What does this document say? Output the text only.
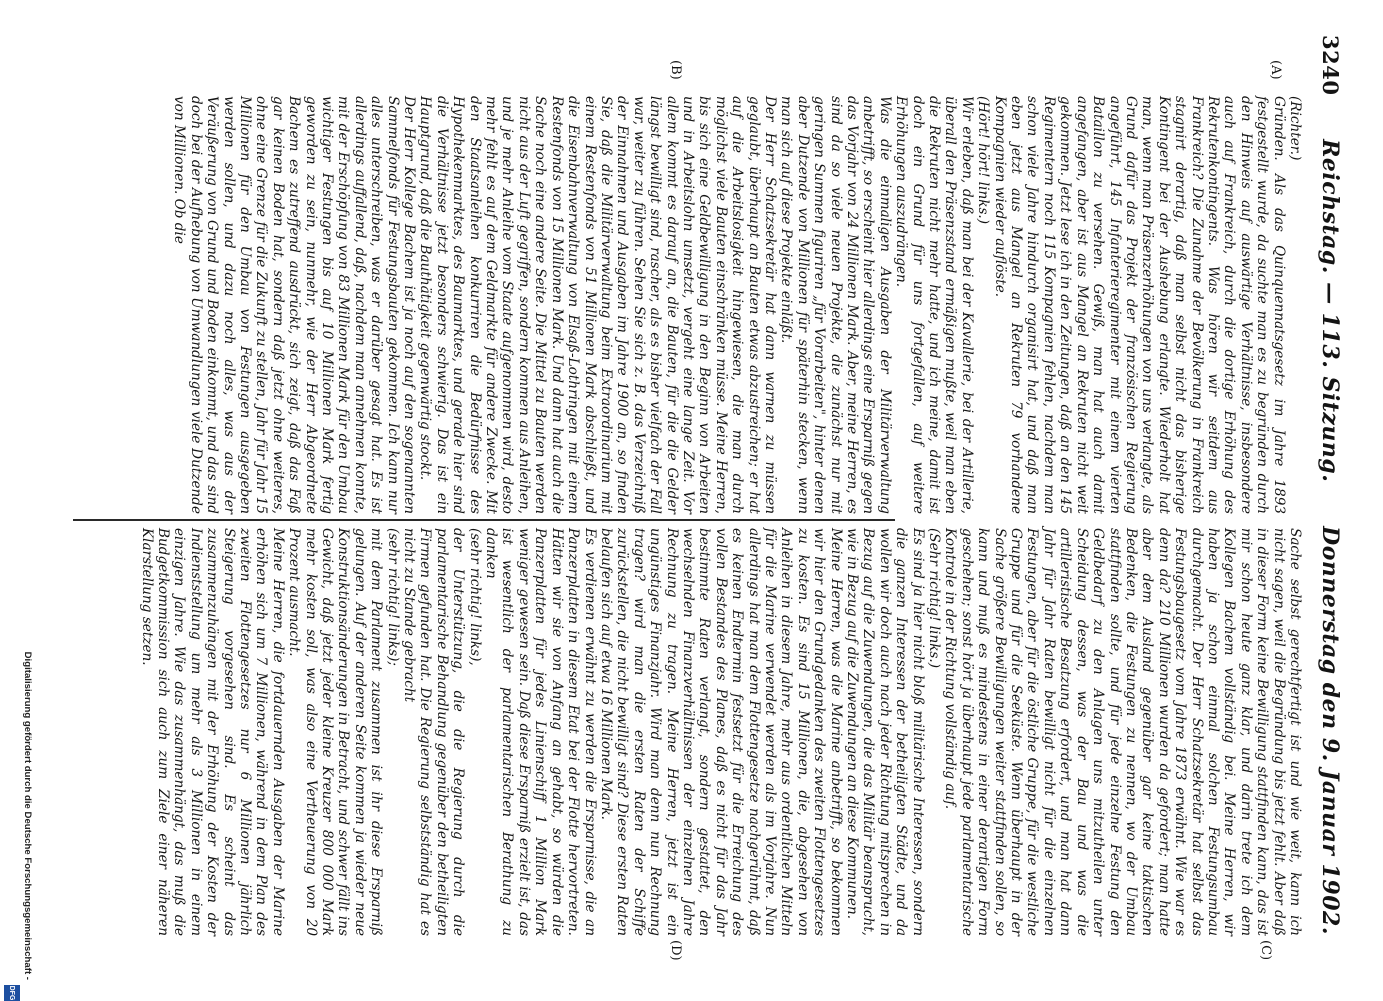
3240
Reichstag. — 113. Sitzung.
Donnerstag den 9. Januar 1902.
(A)
(B)
(C)
(D)
(Richter.)
Gründen. Als das Quinquennatsgesetz im Jahre 1893 festgestellt wurde, da suchte man es zu begründen durch den Hinweis auf auswärtige Verhältnisse, insbesondere auch auf Frankreich, durch die dortige Erhöhung des Rekrutenkontingents. Was hören wir seitdem aus Frankreich? Die Zunahme der Bevölkerung in Frankreich stagnirt derartig, daß man selbst nicht das bisherige Kontingent bei der Aushebung erlangte. Wiederholt hat man, wenn man Präsenzerhöhungen von uns verlangte, als Grund dafür das Projekt der französischen Regierung angeführt, 145 Infanterieregimenter mit einem vierten Bataillon zu versehen. Gewiß, man hat auch damit angefangen, aber ist aus Mangel an Rekruten nicht weit gekommen. Jetzt lese ich in den Zeitungen, daß an den 145 Regimentern noch 115 Kompagnien fehlen, nachdem man schon viele Jahre hindurch organisirt hat, und daß man eben jetzt aus Mangel an Rekruten 79 vorhandene Kompagnien wieder auflöste.
(Hört! hört! links.)
Wir erleben, daß man bei der Kavallerie, bei der Artillerie, überall den Präsenzstand ermäßigen mußte, weil man eben die Rekruten nicht mehr hatte, und ich meine, damit ist doch ein Grund für uns fortgefallen, auf weitere Erhöhungen auszudrängen.
Was die einmaligen Ausgaben der Militärverwaltung anbetrifft, so erscheint hier allerdings eine Ersparniß gegen das Vorjahr von 24 Millionen Mark. Aber, meine Herren, es sind da so viele neuen Projekte, die zunächst nur mit geringen Summen figuriren „für Vorarbeiten", hinter denen aber Dutzende von Millionen für späterhin stecken, wenn man sich auf diese Projekte einläßt.
Der Herr Schatzsekretär hat dann warnen zu müssen geglaubt, überhaupt an Bauten etwas abzustreichen; er hat auf die Arbeitslosigkeit hingewiesen, die man durch möglichst viele Bauten einschränken müsse. Meine Herren, bis sich eine Geldbewilligung in den Beginn von Arbeiten und in Arbeitslohn umsetzt, vergeht eine lange Zeit. Vor allem kommt es darauf an, die Bauten, für die die Gelder längst bewilligt sind, rascher, als es bisher vielfach der Fall war, weiter zu führen. Sehen Sie sich z. B. das Verzeichniß der Einnahmen und Ausgaben im Jahre 1900 an, so finden Sie, daß die Militärverwaltung beim Extraordinarium mit einem Restenfonds von 51 Millionen Mark abschließt, und die Eisenbahnverwaltung von Elsaß-Lothringen mit einem Restenfonds von 15 Millionen Mark. Und dann hat auch die Sache noch eine andere Seite. Die Mittel zu Bauten werden nicht aus der Luft gegriffen, sondern kommen aus Anleihen, und je mehr Anleihe vom Staate aufgenommen wird, desto mehr fehlt es auf dem Geldmarkte für andere Zwecke. Mit den Staatsanleihen konkurriren die Bedürfnisse des Hypothekenmarktes, des Baumarktes, und gerade hier sind die Verhältnisse jetzt besonders schwierig. Das ist ein Hauptgrund, daß die Bauthätigkeit gegenwärtig stockt.
Der Herr Kollege Bachem ist ja noch auf den sogenannten Sammelfonds für Festungsbauten gekommen. Ich kann nur alles unterschreiben, was er darüber gesagt hat. Es ist allerdings auffallend, daß, nachdem man annehmen konnte, mit der Erschöpfung von 83 Millionen Mark für den Umbau wichtiger Festungen bis auf 10 Millionen Mark fertig geworden zu sein, nunmehr, wie der Herr Abgeordnete Bachem es zutreffend ausdrückt, sich zeigt, daß das Faß gar keinen Boden hat, sondern daß jetzt ohne weiteres, ohne eine Grenze für die Zukunft zu stellen, Jahr für Jahr 15 Millionen für den Umbau von Festungen ausgegeben werden sollen, und dazu noch alles, was aus der Veräußerung von Grund und Boden einkommt, und das sind doch bei der Aufhebung von Umwandlungen viele Dutzende von Millionen. Ob die
Sache selbst gerechtfertigt ist und wie weit, kann ich nicht sagen, weil die Begründung bis jetzt fehlt. Aber daß in dieser Form keine Bewilligung stattfinden kann, das ist mir schon heute ganz klar, und darin trete ich dem Kollegen Bachem vollständig bei. Meine Herren, wir haben ja schon einmal solchen Festungsumbau durchgemacht. Der Herr Schatzsekretär hat selbst das Festungsbaugesetz vom Jahre 1873 erwähnt. Wie war es denn da? 210 Millionen wurden da gefordert; man hatte aber dem Ausland gegenüber gar keine taktischen Bedenken, die Festungen zu nennen, wo der Umbau stattfinden sollte, und für jede einzelne Festung den Geldbedarf zu den Anlagen uns mitzutheilen unter Scheidung dessen, was der Bau und was die artilleristische Besatzung erfordert, und man hat dann Jahr für Jahr Raten bewilligt nicht für die einzelnen Festungen, aber für die östliche Gruppe, für die westliche Gruppe und für die Seeküste. Wenn überhaupt in der Sache größere Bewilligungen weiter stattfinden sollen, so kann und muß es mindestens in einer derartigen Form geschehen; sonst hört ja überhaupt jede parlamentarische Kontrole in der Richtung vollständig auf.
(Sehr richtig! links.)
Es sind ja hier nicht bloß militärische Interessen, sondern die ganzen Interessen der betheiligten Städte, und da wollen wir doch auch nach jeder Richtung mitsprechen in Bezug auf die Zuwendungen, die das Militär beansprucht, wie in Bezug auf die Zuwendungen an diese Kommunen.
Meine Herren, was die Marine anbetrifft, so bekommen wir hier den Grundgedanken des zweiten Flottengesetzes zu kosten. Es sind 15 Millionen, die, abgesehen von Anleihen in diesem Jahre, mehr aus ordentlichen Mitteln für die Marine verwendet werden als im Vorjahre. Nun allerdings hat man dem Flottengesetze nachgerühmt, daß es keinen Endtermin festsetzt für die Erreichung des vollen Bestandes des Planes, daß es nicht für das Jahr bestimmte Raten verlangt, sondern gestattet, den wechselnden Finanzverhältnissen der einzelnen Jahre Rechnung zu tragen. Meine Herren, jetzt ist ein ungünstiges Finanzjahr. Wird man denn nun Rechnung tragen? wird man die ersten Raten der Schiffe zurückstellen, die nicht bewilligt sind? Diese ersten Raten belaufen sich auf etwa 16 Millionen Mark.
Es verdienen erwähnt zu werden die Ersparnisse, die an Panzerplatten in diesem Etat bei der Flotte hervortreten. Hätten wir sie von Anfang an gehabt, so würden die Panzerplatten für jedes Linienschiff 1 Million Mark weniger gewesen sein. Daß diese Ersparniß erzielt ist, das ist wesentlich der parlamentarischen Berathung zu danken
(sehr richtig! links),
der Unterstützung, die die Regierung durch die parlamentarische Behandlung gegenüber den betheiligten Firmen gefunden hat. Die Regierung selbstständig hat es nicht zu Stande gebracht
(sehr richtig! links);
mit dem Parlament zusammen ist ihr diese Ersparniß gelungen. Auf der anderen Seite kommen ja wieder neue Konstruktionsänderungen in Betracht, und schwer fällt ins Gewicht, daß jetzt jeder kleine Kreuzer 800 000 Mark mehr kosten soll, was also eine Vertheuerung von 20 Prozent ausmacht.
Meine Herren, die fortdauernden Ausgaben der Marine erhöhen sich um 7 Millionen, während in dem Plan des zweiten Flottengesetzes nur 6 Millionen jährlich Steigerung vorgesehen sind. Es scheint das zusammenzuhängen mit der Erhöhung der Kosten der Indienststellung um mehr als 3 Millionen in einem einzigen Jahre. Wie das zusammenhängt, das muß die Budgetkommission sich auch zum Ziele einer näheren Klarstellung setzen.
Digitalisierung gefördert durch die Deutsche Forschungsgemeinschaft -
DFG
